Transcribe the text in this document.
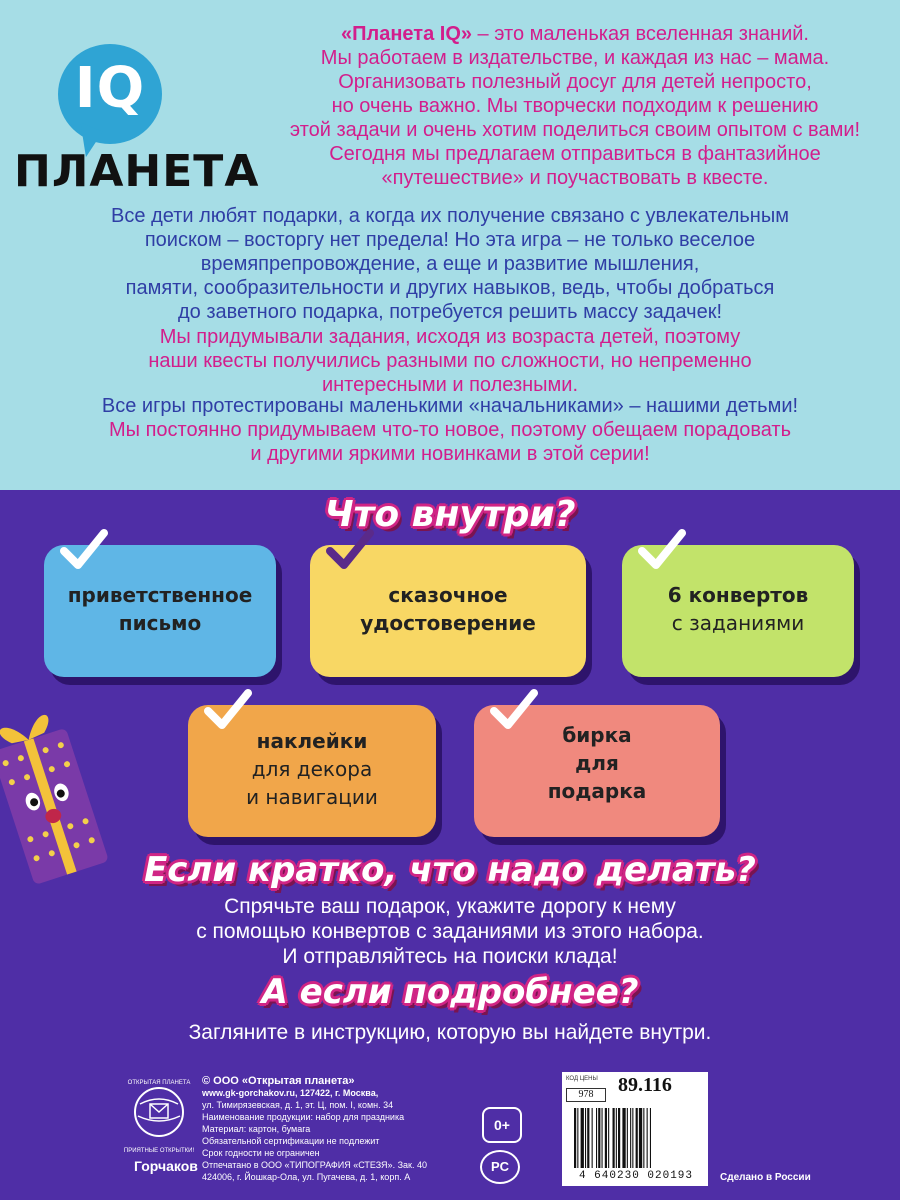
IQ
ПЛАНЕТА
«Планета IQ» – это маленькая вселенная знаний.
Мы работаем в издательстве, и каждая из нас – мама.
Организовать полезный досуг для детей непросто,
но очень важно. Мы творчески подходим к решению
этой задачи и очень хотим поделиться своим опытом с вами!
Сегодня мы предлагаем отправиться в фантазийное
«путешествие» и поучаствовать в квесте.
Все дети любят подарки, а когда их получение связано с увлекательным
поиском – восторгу нет предела! Но эта игра – не только веселое
времяпрепровождение, а еще и развитие мышления,
памяти, сообразительности и других навыков, ведь, чтобы добраться
до заветного подарка, потребуется решить массу задачек!
Мы придумывали задания, исходя из возраста детей, поэтому
наши квесты получились разными по сложности, но непременно
интересными и полезными.
Все игры протестированы маленькими «начальниками» – нашими детьми!
Мы постоянно придумываем что-то новое, поэтому обещаем порадовать
и другими яркими новинками в этой серии!
Что внутри?
приветственное
письмо
сказочное
удостоверение
6 конвертов
с заданиями
наклейки
для декора
и навигации
бирка
для
подарка
Если кратко, что надо делать?
Спрячьте ваш подарок, укажите дорогу к нему
с помощью конвертов с заданиями из этого набора.
И отправляйтесь на поиски клада!
А если подробнее?
Загляните в инструкцию, которую вы найдете внутри.
ОТКРЫТАЯ ПЛАНЕТА
ПРИЯТНЫЕ ОТКРЫТКИ!
Горчаков
© ООО «Открытая планета»
www.gk-gorchakov.ru, 127422, г. Москва,
ул. Тимирязевская, д. 1, эт. Ц, пом. I, комн. 34
Наименование продукции: набор для праздника
Материал: картон, бумага
Обязательной сертификации не подлежит
Срок годности не ограничен
Отпечатано в ООО «ТИПОГРАФИЯ «СТЕЗЯ». Зак. 40
424006, г. Йошкар-Ола, ул. Пугачева, д. 1, корп. А
0+
PC
КОД ЦЕНЫ
978	89.116
4 640230 020193	Сделано в России
